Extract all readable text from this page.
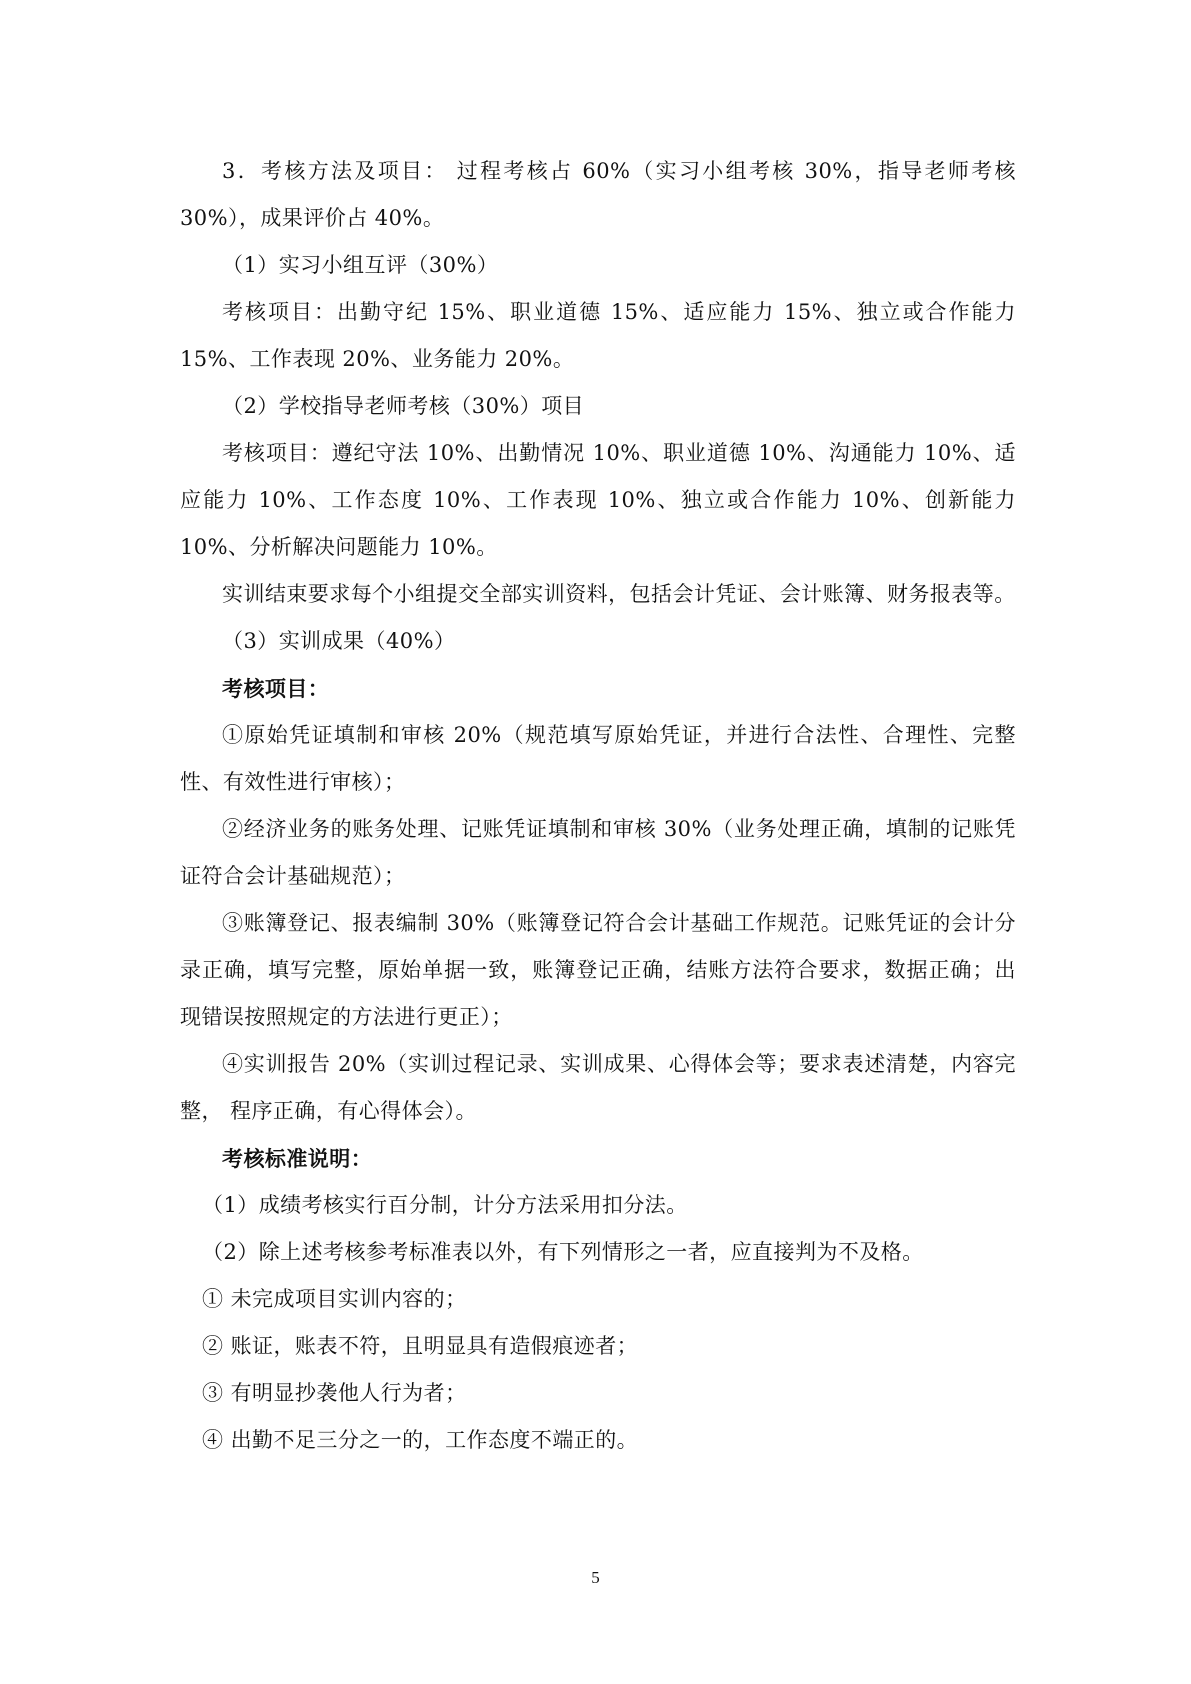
3．考核方法及项目： 过程考核占 60%（实习小组考核 30%，指导老师考核 30%），成果评价占 40%。

（1）实习小组互评（30%）

考核项目：出勤守纪 15%、职业道德 15%、适应能力 15%、独立或合作能力 15%、工作表现 20%、业务能力 20%。

（2）学校指导老师考核（30%）项目

考核项目：遵纪守法 10%、出勤情况 10%、职业道德 10%、沟通能力 10%、适应能力 10%、工作态度 10%、工作表现 10%、独立或合作能力 10%、创新能力 10%、分析解决问题能力 10%。

实训结束要求每个小组提交全部实训资料，包括会计凭证、会计账簿、财务报表等。

（3）实训成果（40%）

考核项目：

①原始凭证填制和审核 20%（规范填写原始凭证，并进行合法性、合理性、完整性、有效性进行审核）；

②经济业务的账务处理、记账凭证填制和审核 30%（业务处理正确，填制的记账凭证符合会计基础规范）；

③账簿登记、报表编制 30%（账簿登记符合会计基础工作规范。记账凭证的会计分录正确，填写完整，原始单据一致，账簿登记正确，结账方法符合要求，数据正确；出现错误按照规定的方法进行更正）；

④实训报告 20%（实训过程记录、实训成果、心得体会等；要求表述清楚，内容完整， 程序正确，有心得体会）。

考核标准说明：

（1）成绩考核实行百分制，计分方法采用扣分法。

（2）除上述考核参考标准表以外，有下列情形之一者，应直接判为不及格。

① 未完成项目实训内容的；

② 账证，账表不符，且明显具有造假痕迹者；

③ 有明显抄袭他人行为者；

④ 出勤不足三分之一的，工作态度不端正的。

5
